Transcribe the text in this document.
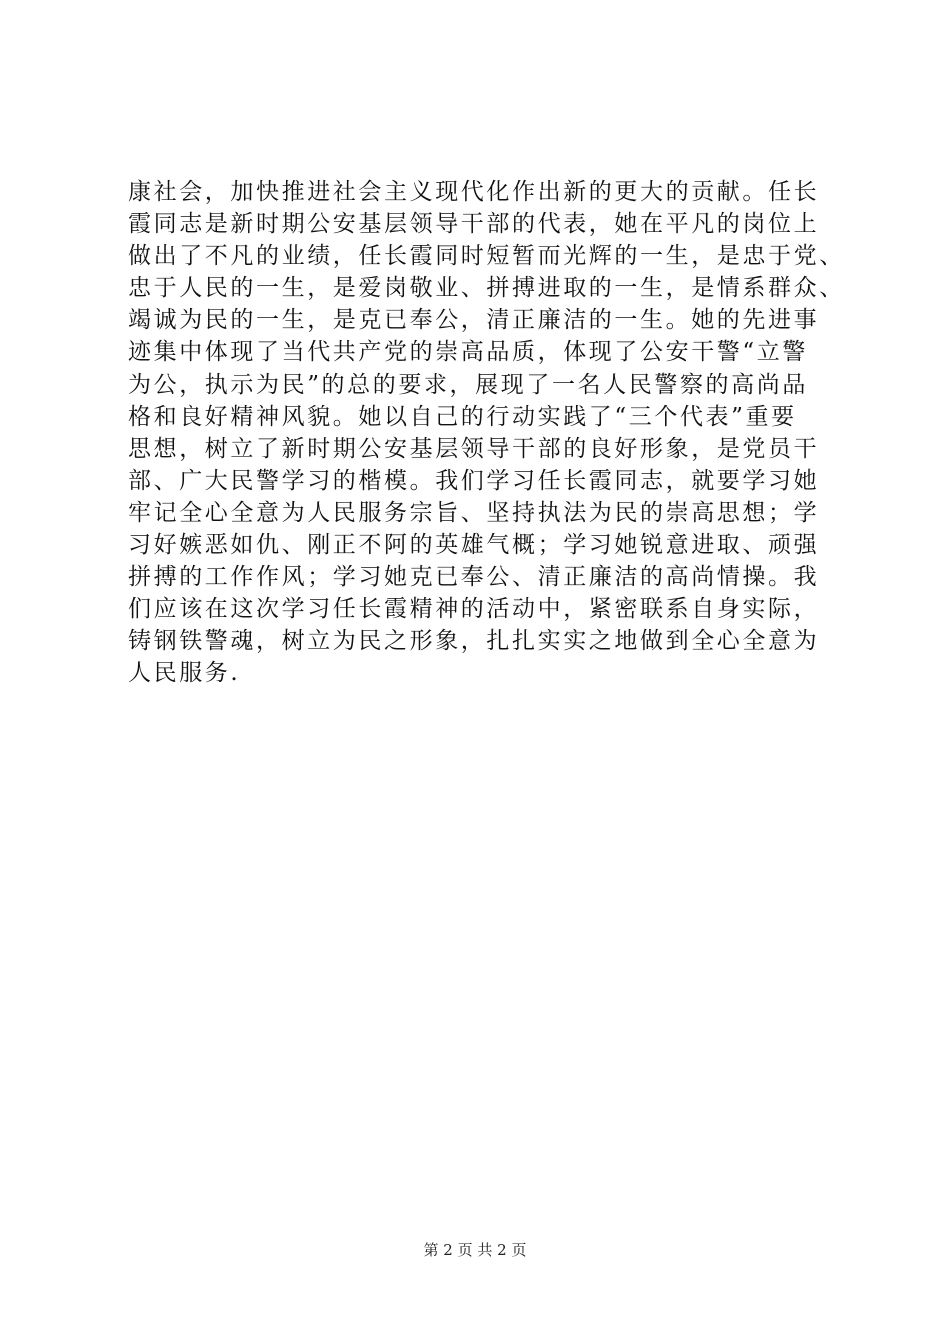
康社会，加快推进社会主义现代化作出新的更大的贡献。任长
霞同志是新时期公安基层领导干部的代表，她在平凡的岗位上
做出了不凡的业绩，任长霞同时短暂而光辉的一生，是忠于党、
忠于人民的一生，是爱岗敬业、拼搏进取的一生，是情系群众、
竭诚为民的一生，是克已奉公，清正廉洁的一生。她的先进事
迹集中体现了当代共产党的崇高品质，体现了公安干警“立警
为公，执示为民”的总的要求，展现了一名人民警察的高尚品
格和良好精神风貌。她以自己的行动实践了“三个代表”重要
思想，树立了新时期公安基层领导干部的良好形象，是党员干
部、广大民警学习的楷模。我们学习任长霞同志，就要学习她
牢记全心全意为人民服务宗旨、坚持执法为民的崇高思想；学
习好嫉恶如仇、刚正不阿的英雄气概；学习她锐意进取、顽强
拼搏的工作作风；学习她克已奉公、清正廉洁的高尚情操。我
们应该在这次学习任长霞精神的活动中，紧密联系自身实际，
铸钢铁警魂，树立为民之形象，扎扎实实之地做到全心全意为
人民服务.
第 2 页 共 2 页
